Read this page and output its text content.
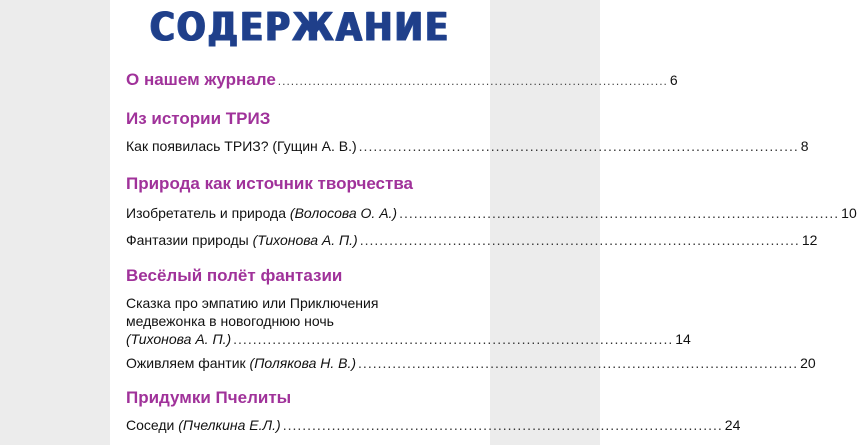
СОДЕРЖАНИЕ
О нашем журнале .......................................................................................... 6
Из истории ТРИЗ
Как появилась ТРИЗ? (Гущин А. В.) .......................................................................................... 8
Природа как источник творчества
Изобретатель и природа (Волосова О. А.) .......................................................................................... 10
Фантазии природы (Тихонова А. П.) .......................................................................................... 12
Весёлый полёт фантазии
Сказка про эмпатию или Приключения
медвежонка в новогоднюю ночь
(Тихонова А. П.) .......................................................................................... 14
Оживляем фантик (Полякова Н. В.) .......................................................................................... 20
Придумки Пчелиты
Соседи (Пчелкина Е.Л.) .......................................................................................... 24
